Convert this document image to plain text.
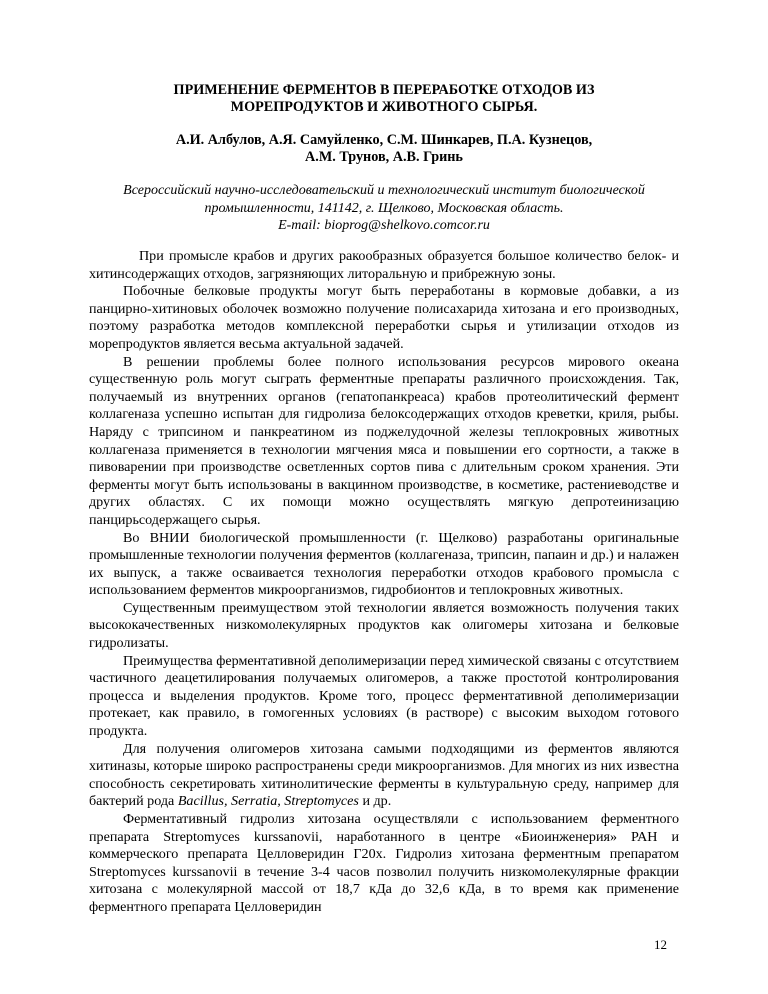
ПРИМЕНЕНИЕ ФЕРМЕНТОВ В ПЕРЕРАБОТКЕ ОТХОДОВ ИЗ
МОРЕПРОДУКТОВ И ЖИВОТНОГО СЫРЬЯ.
А.И. Албулов, А.Я. Самуйленко, С.М. Шинкарев, П.А. Кузнецов,
А.М. Трунов, А.В. Гринь
Всероссийский научно-исследовательский и технологический институт биологической
промышленности, 141142, г. Щелково, Московская область.
E-mail: bioprog@shelkovo.comcor.ru

При промысле крабов и других ракообразных образуется большое количество белок- и хитинсодержащих отходов, загрязняющих литоральную и прибрежную зоны.

Побочные белковые продукты могут быть переработаны в кормовые добавки, а из панцирно-хитиновых оболочек возможно получение полисахарида хитозана и его производных, поэтому разработка методов комплексной переработки сырья и утилизации отходов из морепродуктов является весьма актуальной задачей.

В решении проблемы более полного использования ресурсов мирового океана существенную роль могут сыграть ферментные препараты различного происхождения. Так, получаемый из внутренних органов (гепатопанкреаса) крабов протеолитический фермент коллагеназа успешно испытан для гидролиза белоксодержащих отходов креветки, криля, рыбы. Наряду с трипсином и панкреатином из поджелудочной железы теплокровных животных коллагеназа применяется в технологии мягчения мяса и повышении его сортности, а также в пивоварении при производстве осветленных сортов пива с длительным сроком хранения. Эти ферменты могут быть использованы в вакцинном производстве, в косметике, растениеводстве и других областях. С их помощи можно осуществлять мягкую депротеинизацию панцирьсодержащего сырья.

Во ВНИИ биологической промышленности (г. Щелково) разработаны оригинальные промышленные технологии получения ферментов (коллагеназа, трипсин, папаин и др.) и налажен их выпуск, а также осваивается технология переработки отходов крабового промысла с использованием ферментов микроорганизмов, гидробионтов и теплокровных животных.

Существенным преимуществом этой технологии является возможность получения таких высококачественных низкомолекулярных продуктов как олигомеры хитозана и белковые гидролизаты.

Преимущества ферментативной деполимеризации перед химической связаны с отсутствием частичного деацетилирования получаемых олигомеров, а также простотой контролирования процесса и выделения продуктов. Кроме того, процесс ферментативной деполимеризации протекает, как правило, в гомогенных условиях (в растворе) с высоким выходом готового продукта.

Для получения олигомеров хитозана самыми подходящими из ферментов являются хитиназы, которые широко распространены среди микроорганизмов. Для многих из них известна способность секретировать хитинолитические ферменты в культуральную среду, например для бактерий рода Bacillus, Serratia, Streptomyces и др.

Ферментативный гидролиз хитозана осуществляли с использованием ферментного препарата Streptomyces kurssanovii, наработанного в центре «Биоинженерия» РАН и коммерческого препарата Целловеридин Г20х. Гидролиз хитозана ферментным препаратом Streptomyces kurssanovii в течение 3-4 часов позволил получить низкомолекулярные фракции хитозана с молекулярной массой от 18,7 кДа до 32,6 кДа, в то время как применение ферментного препарата Целловеридин

12
